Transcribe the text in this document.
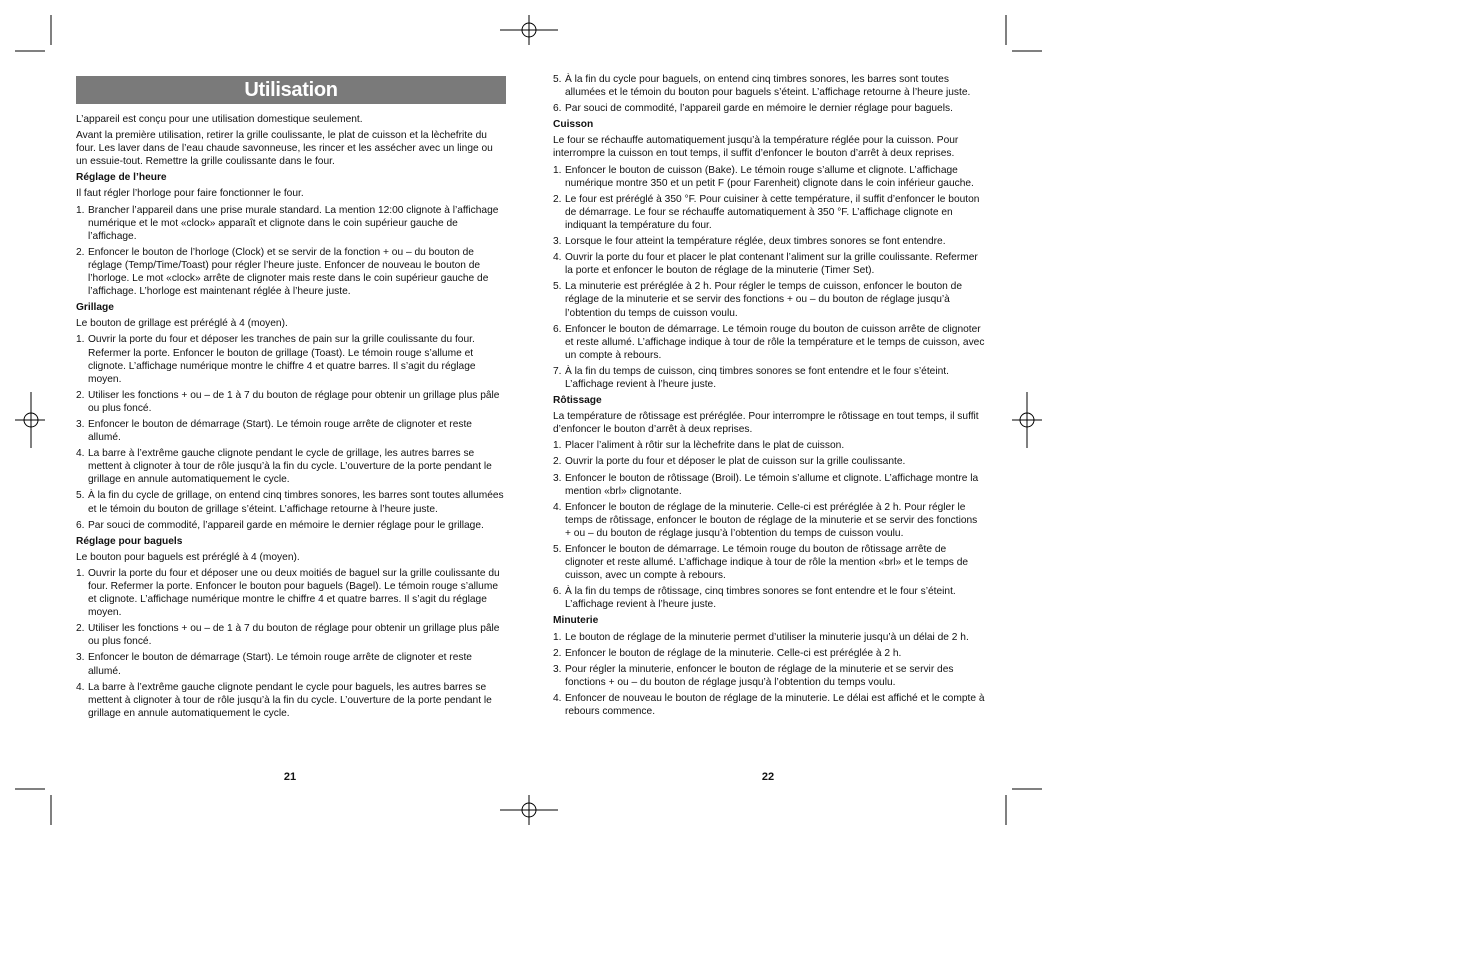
Utilisation

L’appareil est conçu pour une utilisation domestique seulement.

Avant la première utilisation, retirer la grille coulissante, le plat de cuisson et la lèchefrite du four. Les laver dans de l’eau chaude savonneuse, les rincer et les assécher avec un linge ou un essuie-tout. Remettre la grille coulissante dans le four.

Réglage de l’heure

Il faut régler l’horloge pour faire fonctionner le four.

1. Brancher l’appareil dans une prise murale standard. La mention 12:00 clignote à l’affichage numérique et le mot «clock» apparaît et clignote dans le coin supérieur gauche de l’affichage.
2. Enfoncer le bouton de l’horloge (Clock) et se servir de la fonction + ou – du bouton de réglage (Temp/Time/Toast) pour régler l’heure juste. Enfoncer de nouveau le bouton de l’horloge. Le mot «clock» arrête de clignoter mais reste dans le coin supérieur gauche de l’affichage. L’horloge est maintenant réglée à l’heure juste.

Grillage

Le bouton de grillage est préréglé à 4 (moyen).

1. Ouvrir la porte du four et déposer les tranches de pain sur la grille coulissante du four. Refermer la porte. Enfoncer le bouton de grillage (Toast). Le témoin rouge s’allume et clignote. L’affichage numérique montre le chiffre 4 et quatre barres. Il s’agit du réglage moyen.
2. Utiliser les fonctions + ou – de 1 à 7 du bouton de réglage pour obtenir un grillage plus pâle ou plus foncé.
3. Enfoncer le bouton de démarrage (Start). Le témoin rouge arrête de clignoter et reste allumé.
4. La barre à l’extrême gauche clignote pendant le cycle de grillage, les autres barres se mettent à clignoter à tour de rôle jusqu’à la fin du cycle. L’ouverture de la porte pendant le grillage en annule automatiquement le cycle.
5. À la fin du cycle de grillage, on entend cinq timbres sonores, les barres sont toutes allumées et le témoin du bouton de grillage s’éteint. L’affichage retourne à l’heure juste.
6. Par souci de commodité, l’appareil garde en mémoire le dernier réglage pour le grillage.

Réglage pour baguels

Le bouton pour baguels est préréglé à 4 (moyen).

1. Ouvrir la porte du four et déposer une ou deux moitiés de baguel sur la grille coulissante du four. Refermer la porte. Enfoncer le bouton pour baguels (Bagel). Le témoin rouge s’allume et clignote. L’affichage numérique montre le chiffre 4 et quatre barres. Il s’agit du réglage moyen.
2. Utiliser les fonctions + ou – de 1 à 7 du bouton de réglage pour obtenir un grillage plus pâle ou plus foncé.
3. Enfoncer le bouton de démarrage (Start). Le témoin rouge arrête de clignoter et reste allumé.
4. La barre à l’extrême gauche clignote pendant le cycle pour baguels, les autres barres se mettent à clignoter à tour de rôle jusqu’à la fin du cycle. L’ouverture de la porte pendant le grillage en annule automatiquement le cycle.
5. À la fin du cycle pour baguels, on entend cinq timbres sonores, les barres sont toutes allumées et le témoin du bouton pour baguels s’éteint. L’affichage retourne à l’heure juste.
6. Par souci de commodité, l’appareil garde en mémoire le dernier réglage pour baguels.

Cuisson

Le four se réchauffe automatiquement jusqu’à la température réglée pour la cuisson. Pour interrompre la cuisson en tout temps, il suffit d’enfoncer le bouton d’arrêt à deux reprises.

1. Enfoncer le bouton de cuisson (Bake). Le témoin rouge s’allume et clignote. L’affichage numérique montre 350 et un petit F (pour Farenheit) clignote dans le coin inférieur gauche.
2. Le four est préréglé à 350 °F. Pour cuisiner à cette température, il suffit d’enfoncer le bouton de démarrage. Le four se réchauffe automatiquement à 350 °F. L’affichage clignote en indiquant la température du four.
3. Lorsque le four atteint la température réglée, deux timbres sonores se font entendre.
4. Ouvrir la porte du four et placer le plat contenant l’aliment sur la grille coulissante. Refermer la porte et enfoncer le bouton de réglage de la minuterie (Timer Set).
5. La minuterie est préréglée à 2 h. Pour régler le temps de cuisson, enfoncer le bouton de réglage de la minuterie et se servir des fonctions + ou – du bouton de réglage jusqu’à l’obtention du temps de cuisson voulu.
6. Enfoncer le bouton de démarrage. Le témoin rouge du bouton de cuisson arrête de clignoter et reste allumé. L’affichage indique à tour de rôle la température et le temps de cuisson, avec un compte à rebours.
7. À la fin du temps de cuisson, cinq timbres sonores se font entendre et le four s’éteint. L’affichage revient à l’heure juste.

Rôtissage

La température de rôtissage est préréglée. Pour interrompre le rôtissage en tout temps, il suffit d’enfoncer le bouton d’arrêt à deux reprises.

1. Placer l’aliment à rôtir sur la lèchefrite dans le plat de cuisson.
2. Ouvrir la porte du four et déposer le plat de cuisson sur la grille coulissante.
3. Enfoncer le bouton de rôtissage (Broil). Le témoin s’allume et clignote. L’affichage montre la mention «brl» clignotante.
4. Enfoncer le bouton de réglage de la minuterie. Celle-ci est préréglée à 2 h. Pour régler le temps de rôtissage, enfoncer le bouton de réglage de la minuterie et se servir des fonctions + ou – du bouton de réglage jusqu’à l’obtention du temps de cuisson voulu.
5. Enfoncer le bouton de démarrage. Le témoin rouge du bouton de rôtissage arrête de clignoter et reste allumé. L’affichage indique à tour de rôle la mention «brl» et le temps de cuisson, avec un compte à rebours.
6. À la fin du temps de rôtissage, cinq timbres sonores se font entendre et le four s’éteint. L’affichage revient à l’heure juste.

Minuterie

1. Le bouton de réglage de la minuterie permet d’utiliser la minuterie jusqu’à un délai de 2 h.
2. Enfoncer le bouton de réglage de la minuterie. Celle-ci est préréglée à 2 h.
3. Pour régler la minuterie, enfoncer le bouton de réglage de la minuterie et se servir des fonctions + ou – du bouton de réglage jusqu’à l’obtention du temps voulu.
4. Enfoncer de nouveau le bouton de réglage de la minuterie. Le délai est affiché et le compte à rebours commence.
21	22
